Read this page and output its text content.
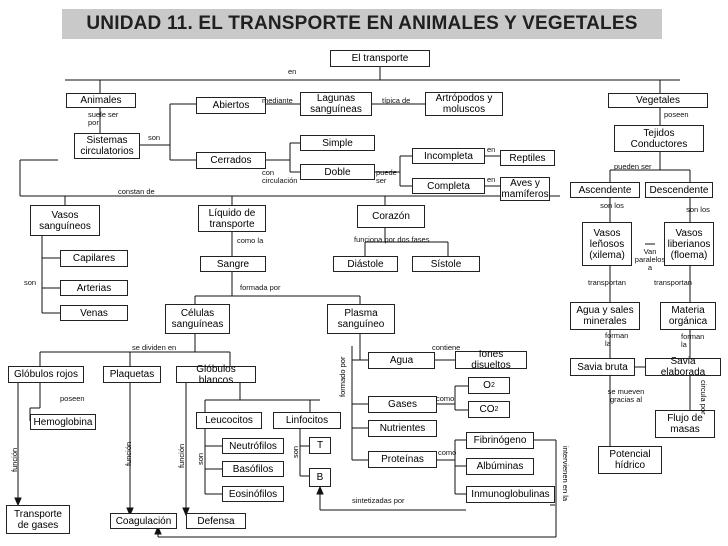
UNIDAD 11. EL TRANSPORTE EN ANIMALES Y VEGETALES
El transporte
Animales	Vegetales
Sistemas circulatorios
Abiertos
Lagunas sanguíneas
Artrópodos y moluscos
Cerrados
Simple
Doble
Incompleta
Completa
Reptiles
Aves y mamíferos
Vasos sanguíneos
Líquido de transporte
Corazón
Capilares
Arterias
Venas
Sangre	Diástole	Sístole
Células sanguíneas
Plasma sanguíneo
Glóbulos rojos	Plaquetas	Glóbulos blancos
Hemoglobina	Leucocitos	Linfocitos
Neutrófilos
Basófilos
Eosinófilos
T
B
Agua
Iones disueltos
Gases
O 2
CO 2
Nutrientes
Proteínas
Fibrinógeno
Albúminas
Inmunoglobulinas
Transporte de gases	Coagulación	Defensa
Tejidos Conductores
Ascendente	Descendente
Vasos leñosos (xilema)
Vasos liberianos (floema)
Agua y sales minerales
Materia orgánica
Savia bruta	Savia elaborada
Potencial hídrico
Flujo de masas
en
suele ser por
son
mediante	típica de
con circulación
puede ser
en
en
constan de
como la	funciona por dos fases
son
formada por
se dividen en
poseen
función	función	función son
son
formado por
contiene
como
como	intervienen en la
sintetizadas por
poseen
pueden ser
son los	son los
Van paralelos a
transportan	transportan
forman la
forman la
se mueven gracias al	circula por
